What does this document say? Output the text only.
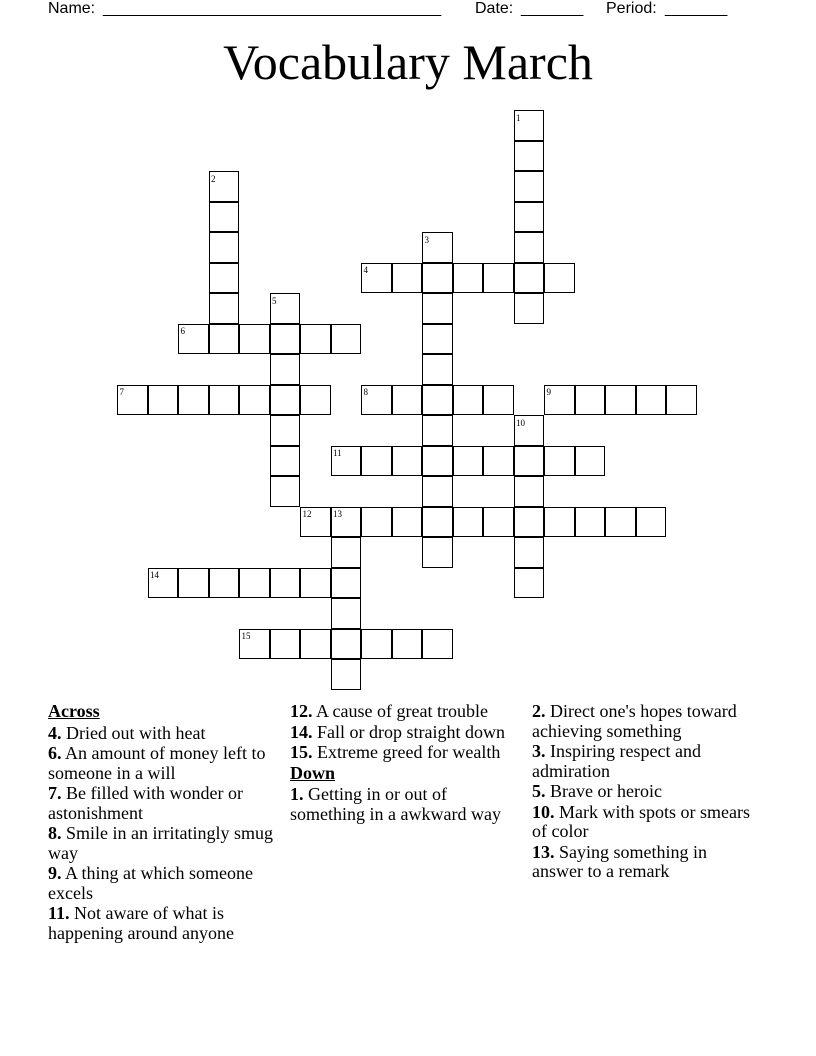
Name: ______________________________________ Date: _______ Period: _______
Vocabulary March
1
2
3
4
5
6
7	8	9
10
11
12 13
14
15
Across
4. Dried out with heat
6. An amount of money left to someone in a will
7. Be filled with wonder or astonishment
8. Smile in an irritatingly smug way
9. A thing at which someone excels
11. Not aware of what is happening around anyone
12. A cause of great trouble
14. Fall or drop straight down
15. Extreme greed for wealth
Down
1. Getting in or out of something in a awkward way
2. Direct one's hopes toward achieving something
3. Inspiring respect and admiration
5. Brave or heroic
10. Mark with spots or smears of color
13. Saying something in answer to a remark
